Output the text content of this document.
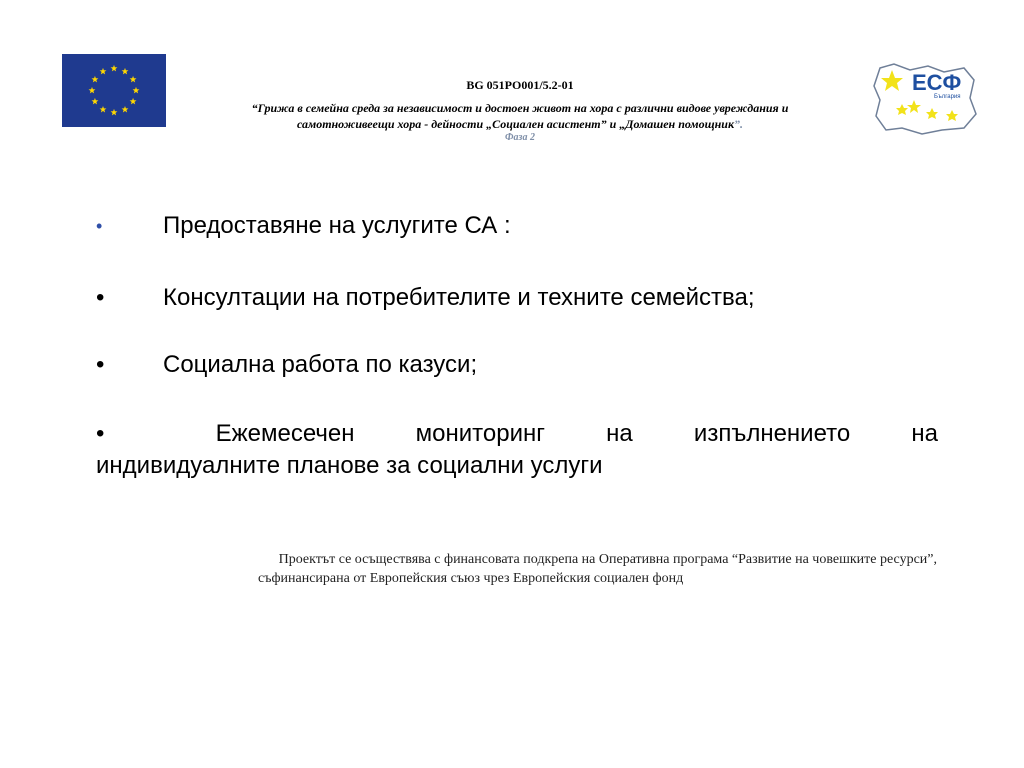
BG 051PO001/5.2-01
“Грижа в семейна среда за независимост и достоен живот на хора с различни видове увреждания и
самотноживеещи хора - дейности „Социален асистент” и „Домашен помощник”.
Фаза 2
ЕСФ
България
•	Предоставяне на услугите СА :
• Консултации на потребителите и техните семейства;
• Социална работа по казуси;
•	Ежемесечен	мониторинг	на	изпълнението	на
индивидуалните планове за социални услуги
Проектът се осъществява с финансовата подкрепа на Оперативна програма “Развитие на човешките ресурси”,
съфинансирана от Европейския съюз чрез Европейския социален фонд
